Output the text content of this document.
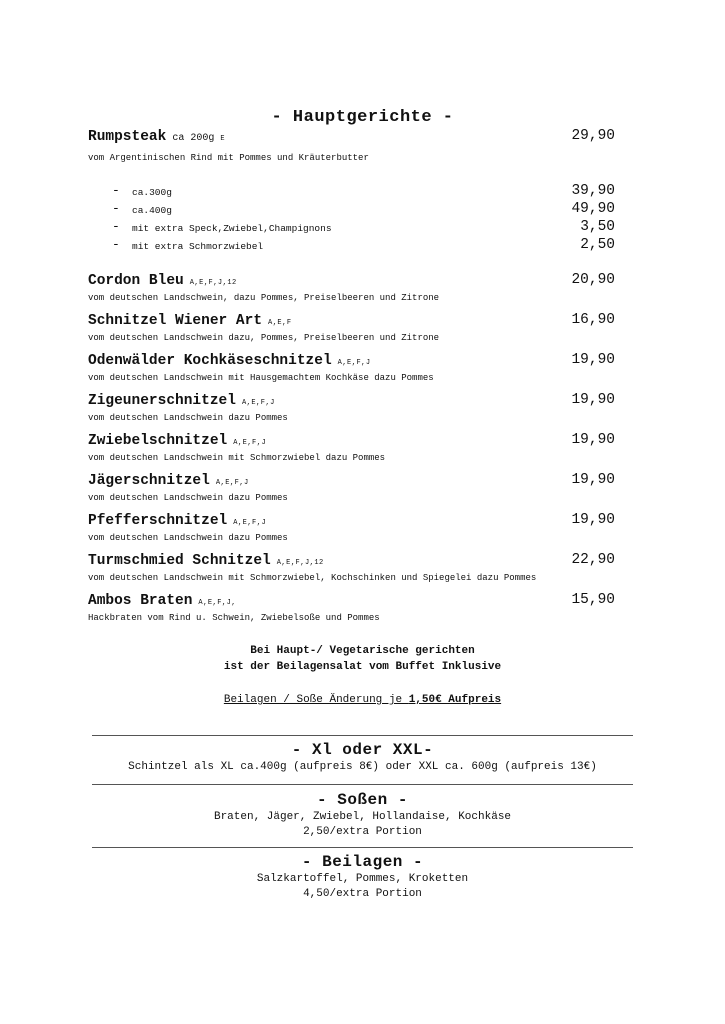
- Hauptgerichte -
Rumpsteak ca 200g E	29,90
vom Argentinischen Rind mit Pommes und Kräuterbutter
- ca.300g	39,90
- ca.400g	49,90
- mit extra Speck,Zwiebel,Champignons	3,50
- mit extra Schmorzwiebel	2,50
Cordon Bleu A,E,F,J,12	20,90
vom deutschen Landschwein, dazu Pommes, Preiselbeeren und Zitrone
Schnitzel Wiener Art A,E,F	16,90
vom deutschen Landschwein dazu, Pommes, Preiselbeeren und Zitrone
Odenwälder Kochkäseschnitzel A,E,F,J	19,90
vom deutschen Landschwein mit Hausgemachtem Kochkäse dazu Pommes
Zigeunerschnitzel A,E,F,J	19,90
vom deutschen Landschwein dazu Pommes
Zwiebelschnitzel A,E,F,J	19,90
vom deutschen Landschwein mit Schmorzwiebel dazu Pommes
Jägerschnitzel A,E,F,J	19,90
vom deutschen Landschwein dazu Pommes
Pfefferschnitzel A,E,F,J	19,90
vom deutschen Landschwein dazu Pommes
Turmschmied Schnitzel A,E,F,J,12	22,90
vom deutschen Landschwein mit Schmorzwiebel, Kochschinken und Spiegelei dazu Pommes
Ambos Braten A,E,F,J,	15,90
Hackbraten vom Rind u. Schwein, Zwiebelsoße und Pommes
Bei Haupt-/ Vegetarische gerichten
ist der Beilagensalat vom Buffet Inklusive
Beilagen / Soße Änderung je 1,50€ Aufpreis
- Xl oder XXL-
Schintzel als XL ca.400g (aufpreis 8€) oder XXL ca. 600g (aufpreis 13€)
- Soßen -
Braten, Jäger, Zwiebel, Hollandaise, Kochkäse
2,50/extra Portion
- Beilagen -
Salzkartoffel, Pommes, Kroketten
4,50/extra Portion
